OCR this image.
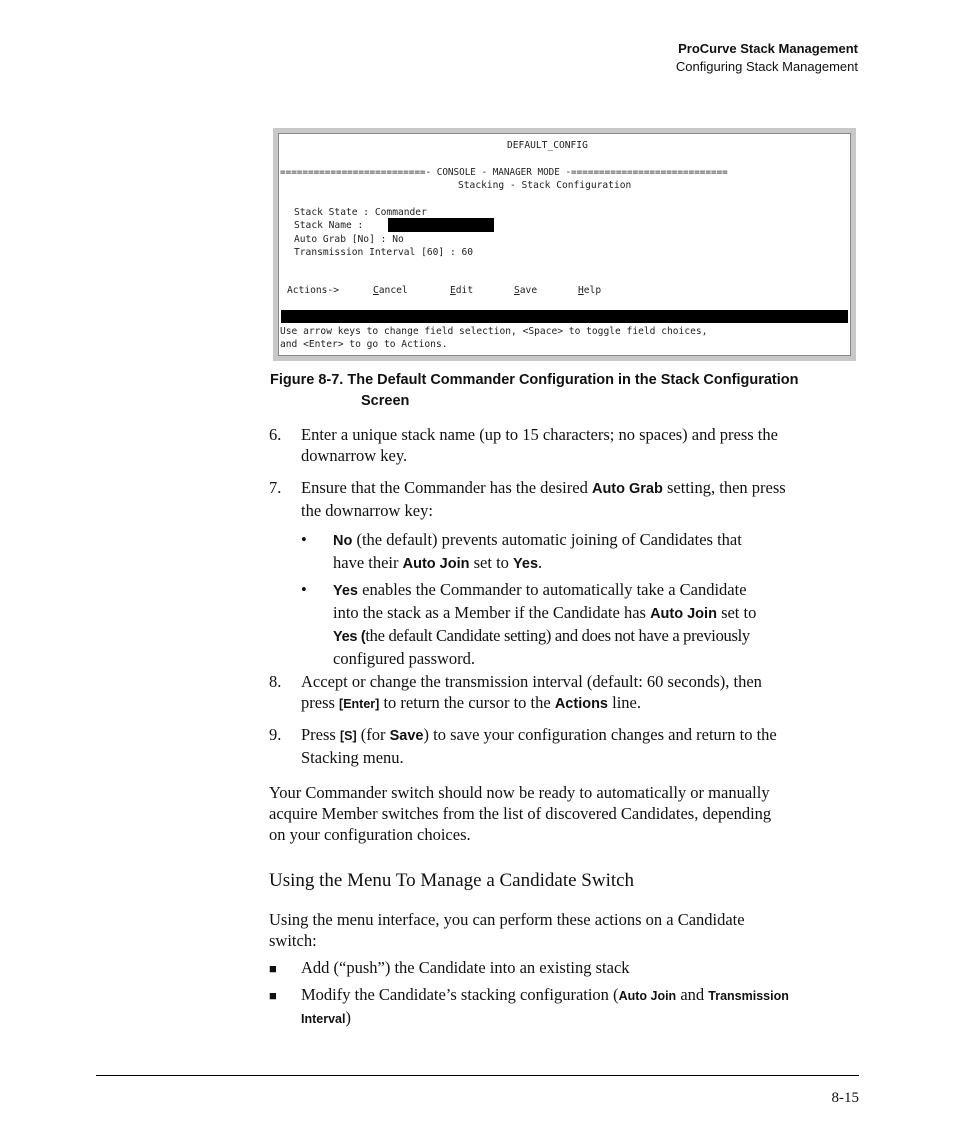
ProCurve Stack Management
Configuring Stack Management
DEFAULT_CONFIG
==========================- CONSOLE - MANAGER MODE -============================
Stacking - Stack Configuration
Stack State : Commander
Stack Name :
Auto Grab [No] : No
Transmission Interval [60] : 60
Actions->	Cancel	Edit	Save	Help
Use arrow keys to change field selection, <Space> to toggle field choices,
and <Enter> to go to Actions.
Figure 8-7. The Default Commander Configuration in the Stack Configuration
Screen
6. Enter a unique stack name (up to 15 characters; no spaces) and press the
downarrow key.
7. Ensure that the Commander has the desired Auto Grab setting, then press
the downarrow key:
• No (the default) prevents automatic joining of Candidates that
have their Auto Join set to Yes.
• Yes enables the Commander to automatically take a Candidate
into the stack as a Member if the Candidate has Auto Join set to
Yes (the default Candidate setting) and does not have a previously
configured password.
8. Accept or change the transmission interval (default: 60 seconds), then
press [Enter] to return the cursor to the Actions line.
9. Press [S] (for Save) to save your configuration changes and return to the
Stacking menu.
Your Commander switch should now be ready to automatically or manually
acquire Member switches from the list of discovered Candidates, depending
on your configuration choices.
Using the Menu To Manage a Candidate Switch
Using the menu interface, you can perform these actions on a Candidate
switch:
■ Add (“push”) the Candidate into an existing stack
■ Modify the Candidate’s stacking configuration (Auto Join and Transmission
Interval)
8-15
